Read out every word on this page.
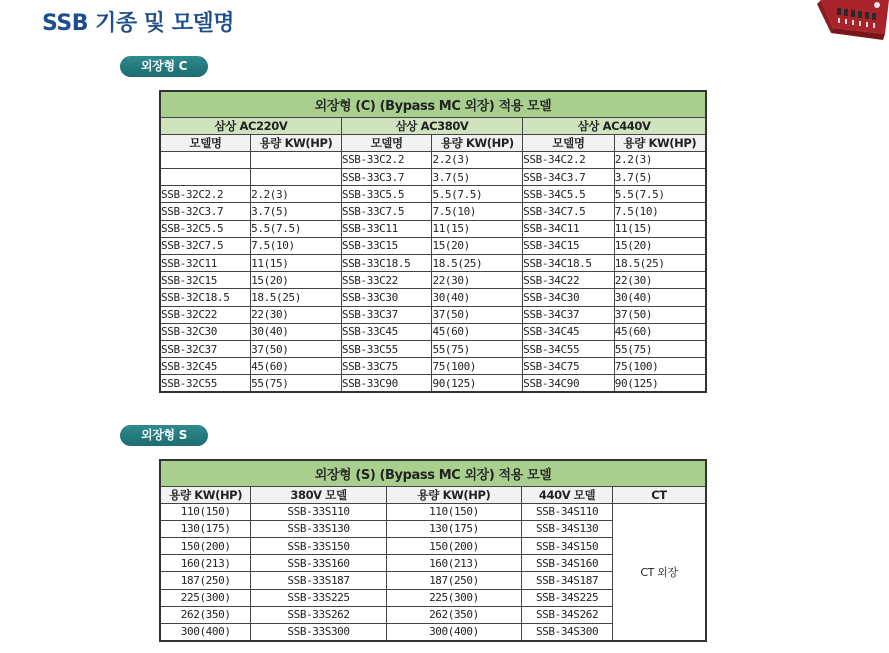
SSB 기종 및 모델명
외장형 C
외장형 (C) (Bypass MC 외장) 적용 모델					
삼상 AC220V		삼상 AC380V		삼상 AC440V	
모델명	용량 KW(HP)	모델명	용량 KW(HP)	모델명	용량 KW(HP)
		SSB-33C2.2	2.2(3)	SSB-34C2.2	2.2(3)
		SSB-33C3.7	3.7(5)	SSB-34C3.7	3.7(5)
SSB-32C2.2	2.2(3)	SSB-33C5.5	5.5(7.5)	SSB-34C5.5	5.5(7.5)
SSB-32C3.7	3.7(5)	SSB-33C7.5	7.5(10)	SSB-34C7.5	7.5(10)
SSB-32C5.5	5.5(7.5)	SSB-33C11	11(15)	SSB-34C11	11(15)
SSB-32C7.5	7.5(10)	SSB-33C15	15(20)	SSB-34C15	15(20)
SSB-32C11	11(15)	SSB-33C18.5	18.5(25)	SSB-34C18.5	18.5(25)
SSB-32C15	15(20)	SSB-33C22	22(30)	SSB-34C22	22(30)
SSB-32C18.5	18.5(25)	SSB-33C30	30(40)	SSB-34C30	30(40)
SSB-32C22	22(30)	SSB-33C37	37(50)	SSB-34C37	37(50)
SSB-32C30	30(40)	SSB-33C45	45(60)	SSB-34C45	45(60)
SSB-32C37	37(50)	SSB-33C55	55(75)	SSB-34C55	55(75)
SSB-32C45	45(60)	SSB-33C75	75(100)	SSB-34C75	75(100)
SSB-32C55	55(75)	SSB-33C90	90(125)	SSB-34C90	90(125)
외장형 S
외장형 (S) (Bypass MC 외장) 적용 모델				
용량 KW(HP)	380V 모델	용량 KW(HP)	440V 모델	CT
110(150)	SSB-33S110	110(150)	SSB-34S110	CT 외장
130(175)	SSB-33S130	130(175)	SSB-34S130	
150(200)	SSB-33S150	150(200)	SSB-34S150	
160(213)	SSB-33S160	160(213)	SSB-34S160	
187(250)	SSB-33S187	187(250)	SSB-34S187	
225(300)	SSB-33S225	225(300)	SSB-34S225	
262(350)	SSB-33S262	262(350)	SSB-34S262	
300(400)	SSB-33S300	300(400)	SSB-34S300	
